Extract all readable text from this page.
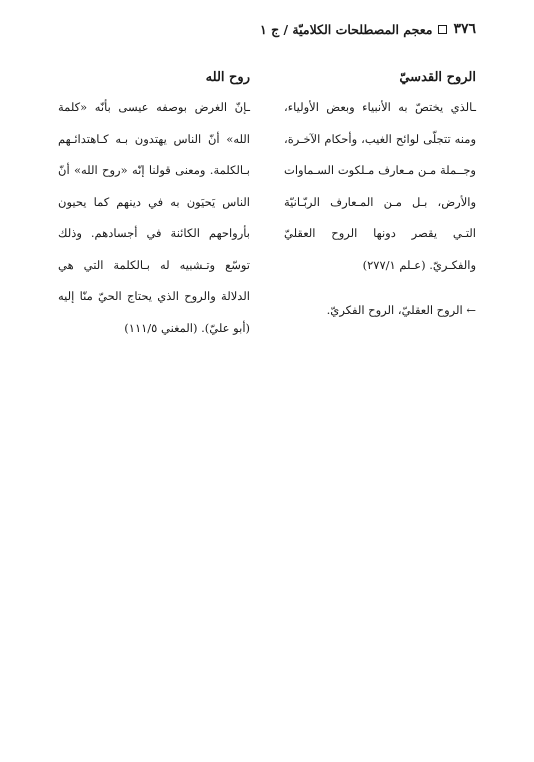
٣٧٦
معجم المصطلحات الكلاميّة / ج ١
الروح القدسيّ

ـالذي يختصّ به الأنبياء وبعض الأولياء، ومنه تتجلّى لوائح الغيب، وأحكام الآخـرة، وجــملة مـن مـعارف مـلكوت السـماوات والأرض، بـل مـن المـعارف الربّـانيّة التـي يقصر دونها الروح العقليّ والفكـريّ. (عـلم ٢٧٧/١)

← الروح العقليّ، الروح الفكريّ.

روح الله

ـإنّ الغرض بوصفه عيسى بأنّه «كلمة الله» أنّ الناس يهتدون بـه كـاهتدائـهم بـالكلمة. ومعنى قولنا إنّه «روح الله» أنّ الناس يَحيَون به في دينهم كما يحيون بأرواحهم الكائنة في أجسادهم. وذلك توسّع وتـشبيه له بـالكلمة التي هي الدلالة والروح الذي يحتاج الحيّ منّا إليه (أبو عليّ). (المغني ١١١/٥)
